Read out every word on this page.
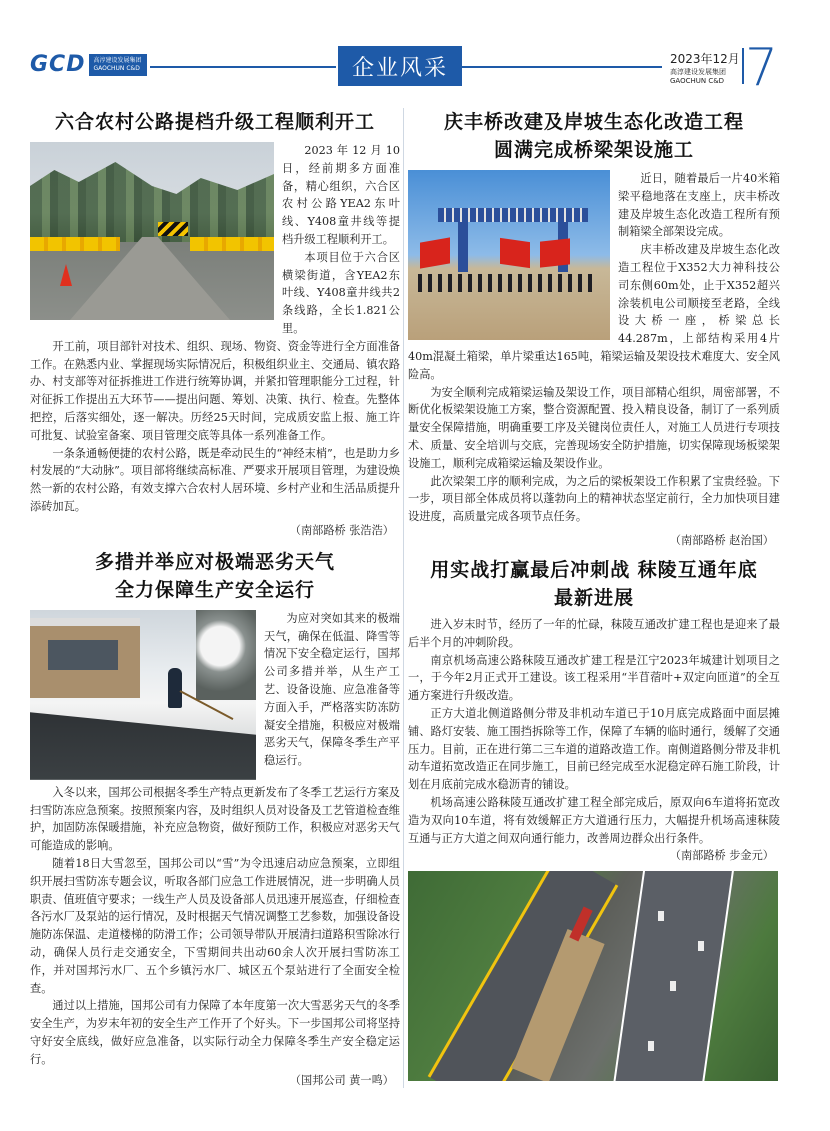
GCD	高淳建设发展集团
GAOCHUN C&D	企业风采	2023年12月
高淳建设发展集团
GAOCHUN C&D 7
六合农村公路提档升级工程顺利开工

2023年12月10日，经前期多方面准备，精心组织，六合区农村公路YEA2东叶线、Y408童井线等提档升级工程顺利开工。

本项目位于六合区横梁街道，含YEA2东叶线、Y408童井线共2条线路，全长1.821公里。

开工前，项目部针对技术、组织、现场、物资、资金等进行全方面准备工作。在熟悉内业、掌握现场实际情况后，积极组织业主、交通局、镇农路办、村支部等对征拆推进工作进行统筹协调，并紧扣管理职能分工过程，针对征拆工作提出五大环节——提出问题、筹划、决策、执行、检查。先整体把控，后落实细处，逐一解决。历经25天时间，完成质安监上报、施工许可批复、试验室备案、项目管理交底等具体一系列准备工作。

一条条通畅便捷的农村公路，既是牵动民生的“神经末梢”，也是助力乡村发展的“大动脉”。项目部将继续高标准、严要求开展项目管理，为建设焕然一新的农村公路，有效支撑六合农村人居环境、乡村产业和生活品质提升添砖加瓦。

（南部路桥 张浩浩）
多措并举应对极端恶劣天气
全力保障生产安全运行

为应对突如其来的极端天气，确保在低温、降雪等情况下安全稳定运行，国邦公司多措并举，从生产工艺、设备设施、应急准备等方面入手，严格落实防冻防凝安全措施，积极应对极端恶劣天气，保障冬季生产平稳运行。

入冬以来，国邦公司根据冬季生产特点更新发布了冬季工艺运行方案及扫雪防冻应急预案。按照预案内容，及时组织人员对设备及工艺管道检查维护，加固防冻保暖措施，补充应急物资，做好预防工作，积极应对恶劣天气可能造成的影响。

随着18日大雪忽至，国邦公司以“雪”为令迅速启动应急预案，立即组织开展扫雪防冻专题会议，听取各部门应急工作进展情况，进一步明确人员职责、值班值守要求；一线生产人员及设备部人员迅速开展巡查，仔细检查各污水厂及泵站的运行情况，及时根据天气情况调整工艺参数，加强设备设施防冻保温、走道楼梯的防滑工作；公司领导带队开展清扫道路积雪除冰行动，确保人员行走交通安全，下雪期间共出动60余人次开展扫雪防冻工作，并对国邦污水厂、五个乡镇污水厂、城区五个泵站进行了全面安全检查。

通过以上措施，国邦公司有力保障了本年度第一次大雪恶劣天气的冬季安全生产，为岁末年初的安全生产工作开了个好头。下一步国邦公司将坚持守好安全底线，做好应急准备，以实际行动全力保障冬季生产安全稳定运行。

（国邦公司 黄一鸣）
庆丰桥改建及岸坡生态化改造工程
圆满完成桥梁架设施工

近日，随着最后一片40米箱梁平稳地落在支座上，庆丰桥改建及岸坡生态化改造工程所有预制箱梁全部架设完成。

庆丰桥改建及岸坡生态化改造工程位于X352大力神科技公司东侧60m处，止于X352超兴涂装机电公司顺接至老路，全线设大桥一座，桥梁总长44.287m，上部结构采用4片40m混凝土箱梁，单片梁重达165吨，箱梁运输及架设技术难度大、安全风险高。

为安全顺利完成箱梁运输及架设工作，项目部精心组织，周密部署，不断优化板梁架设施工方案，整合资源配置、投入精良设备，制订了一系列质量安全保障措施，明确重要工序及关键岗位责任人，对施工人员进行专项技术、质量、安全培训与交底，完善现场安全防护措施，切实保障现场板梁架设施工，顺利完成箱梁运输及架设作业。

此次梁架工序的顺利完成，为之后的梁板架设工作积累了宝贵经验。下一步，项目部全体成员将以蓬勃向上的精神状态坚定前行，全力加快项目建设进度，高质量完成各项节点任务。

（南部路桥 赵治国）
用实战打赢最后冲刺战 秣陵互通年底
最新进展

进入岁末时节，经历了一年的忙碌，秣陵互通改扩建工程也是迎来了最后半个月的冲刺阶段。

南京机场高速公路秣陵互通改扩建工程是江宁2023年城建计划项目之一，于今年2月正式开工建设。该工程采用“半苜蓿叶+双定向匝道”的全互通方案进行升级改造。

正方大道北侧道路侧分带及非机动车道已于10月底完成路面中面层摊铺、路灯安装、施工围挡拆除等工作，保障了车辆的临时通行，缓解了交通压力。目前，正在进行第二三车道的道路改造工作。南侧道路侧分带及非机动车道拓宽改造正在同步施工，目前已经完成至水泥稳定碎石施工阶段，计划在月底前完成水稳沥青的铺设。

机场高速公路秣陵互通改扩建工程全部完成后，原双向6车道将拓宽改造为双向10车道，将有效缓解正方大道通行压力，大幅提升机场高速秣陵互通与正方大道之间双向通行能力，改善周边群众出行条件。

（南部路桥 步金元）
